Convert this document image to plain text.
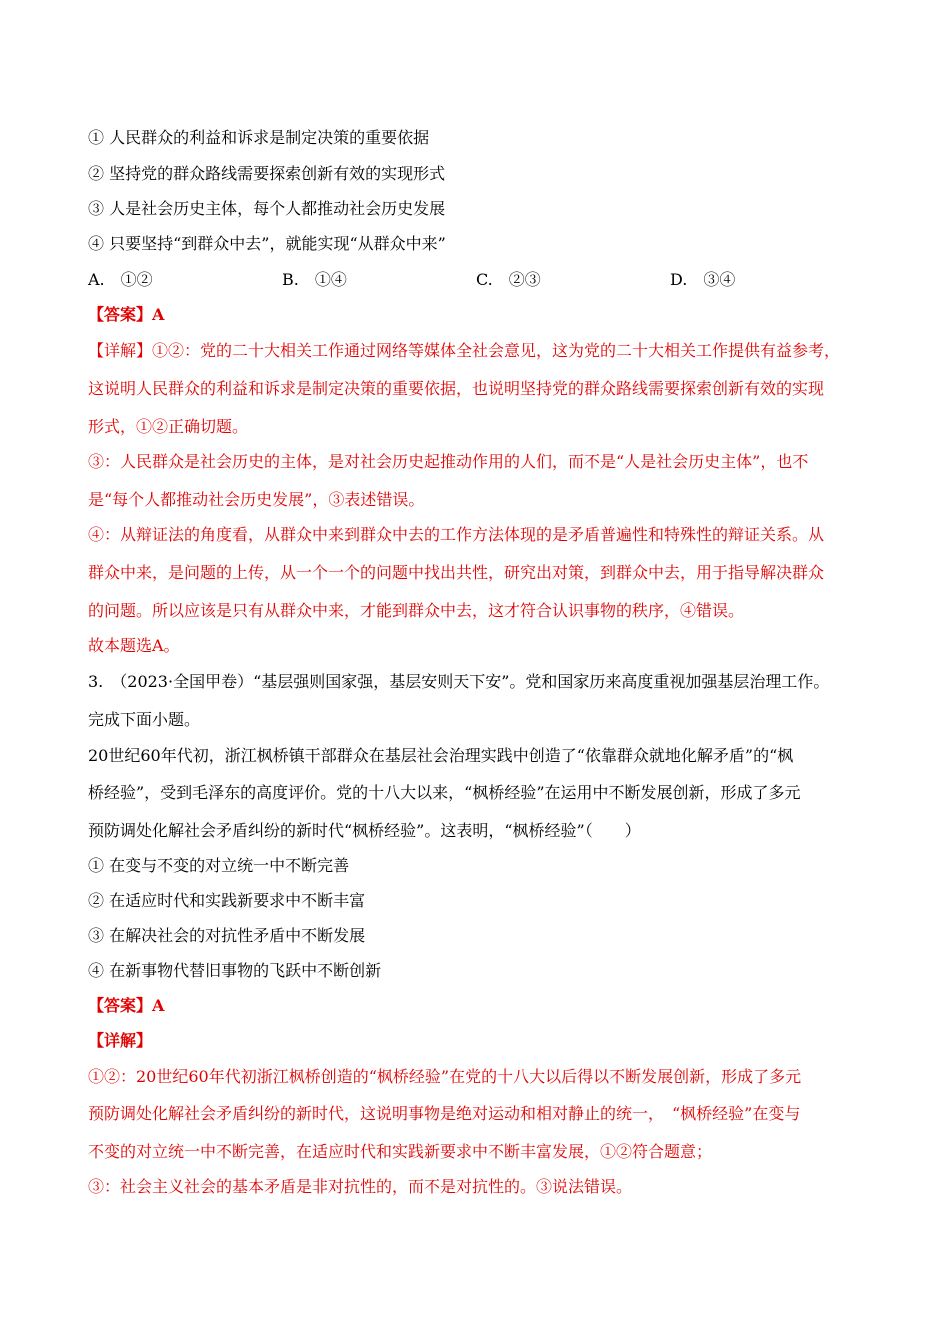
① 人民群众的利益和诉求是制定决策的重要依据
② 坚持党的群众路线需要探索创新有效的实现形式
③ 人是社会历史主体，每个人都推动社会历史发展
④ 只要坚持“到群众中去”，就能实现“从群众中来”
A.　①②	B.　①④	C.　②③	D.　③④
【答案】A
【详解】①②：党的二十大相关工作通过网络等媒体全社会意见，这为党的二十大相关工作提供有益参考，
这说明人民群众的利益和诉求是制定决策的重要依据，也说明坚持党的群众路线需要探索创新有效的实现
形式，①②正确切题。
③：人民群众是社会历史的主体，是对社会历史起推动作用的人们，而不是“人是社会历史主体”，也不
是“每个人都推动社会历史发展”，③表述错误。
④：从辩证法的角度看，从群众中来到群众中去的工作方法体现的是矛盾普遍性和特殊性的辩证关系。从
群众中来，是问题的上传，从一个一个的问题中找出共性，研究出对策，到群众中去，用于指导解决群众
的问题。所以应该是只有从群众中来，才能到群众中去，这才符合认识事物的秩序，④错误。
故本题选A。
3.　（2023·全国甲卷）“基层强则国家强，基层安则天下安”。党和国家历来高度重视加强基层治理工作。
完成下面小题。
20世纪60年代初，浙江枫桥镇干部群众在基层社会治理实践中创造了“依靠群众就地化解矛盾”的“枫
桥经验”，受到毛泽东的高度评价。党的十八大以来，“枫桥经验”在运用中不断发展创新，形成了多元
预防调处化解社会矛盾纠纷的新时代“枫桥经验”。这表明，“枫桥经验”（　　）
① 在变与不变的对立统一中不断完善
② 在适应时代和实践新要求中不断丰富
③ 在解决社会的对抗性矛盾中不断发展
④ 在新事物代替旧事物的飞跃中不断创新
【答案】A
【详解】
①②：20世纪60年代初浙江枫桥创造的“枫桥经验”在党的十八大以后得以不断发展创新，形成了多元
预防调处化解社会矛盾纠纷的新时代，这说明事物是绝对运动和相对静止的统一，　“枫桥经验”在变与
不变的对立统一中不断完善，在适应时代和实践新要求中不断丰富发展，①②符合题意；
③：社会主义社会的基本矛盾是非对抗性的，而不是对抗性的。③说法错误。
